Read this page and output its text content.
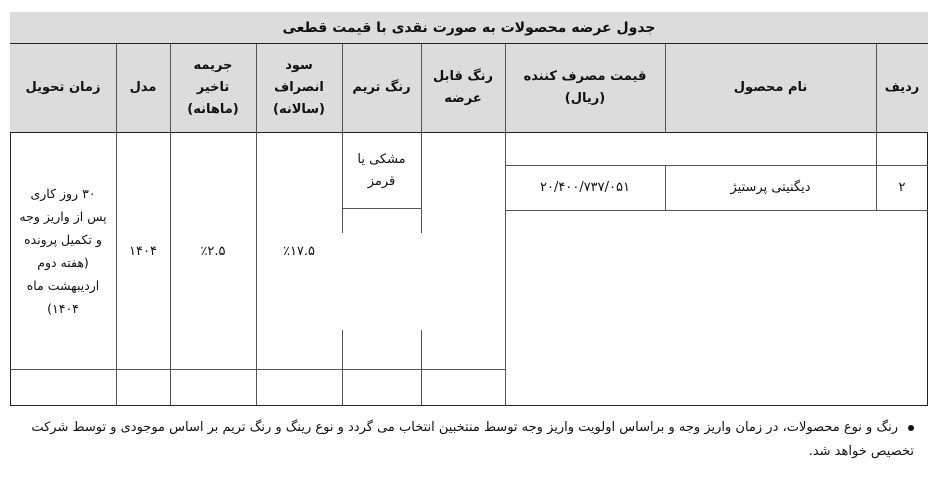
جدول عرضه محصولات به صورت نقدی با قیمت قطعی
ردیف
نام محصول
قیمت مصرف کننده
(ریال)
رنگ قابل
عرضه
رنگ تریم
سود
انصراف
(سالانه)
جریمه
تاخیر
(ماهانه)
مدل
زمان تحویل
۲
دیگنیتی پرستیژ
۲۰/۴۰۰/۷۳۷/۰۵۱
مشکی یا
قرمز
٪۱۷.۵
٪۲.۵
۱۴۰۴
۳۰ روز کاری
پس از واریز وجه
و تکمیل پرونده
(هفته دوم
اردیبهشت ماه
۱۴۰۴)
رنگ و نوع محصولات، در زمان واریز وجه و براساس اولویت واریز وجه توسط منتخبین انتخاب می گردد و نوع رینگ و رنگ تریم بر اساس موجودی و توسط شرکت تخصیص خواهد شد.
